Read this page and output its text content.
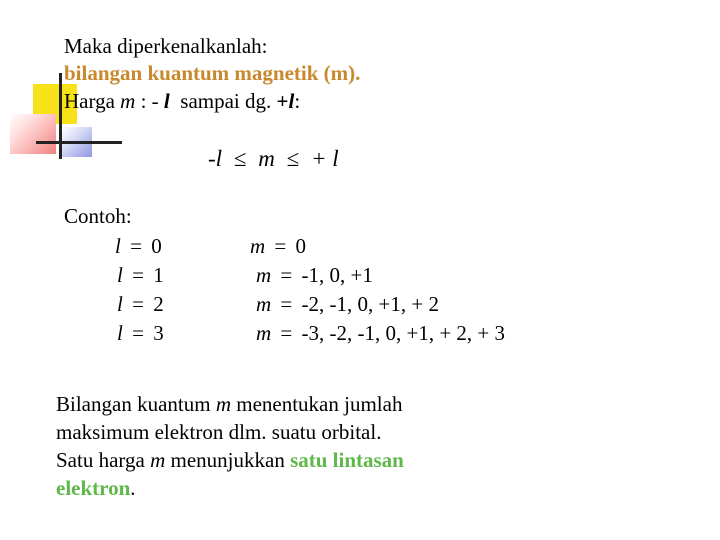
Maka diperkenalkanlah:
bilangan kuantum magnetik (m).
Harga m : - l  sampai dg. +l:
-l ≤ m ≤ + l
Contoh:
l = 0	m = 0
l = 1	m = -1, 0, +1
l = 2	m = -2, -1, 0, +1, + 2
l = 3	m = -3, -2, -1, 0, +1, + 2, + 3
Bilangan kuantum m menentukan jumlah
maksimum elektron dlm. suatu orbital.
Satu harga m menunjukkan satu lintasan
elektron.
